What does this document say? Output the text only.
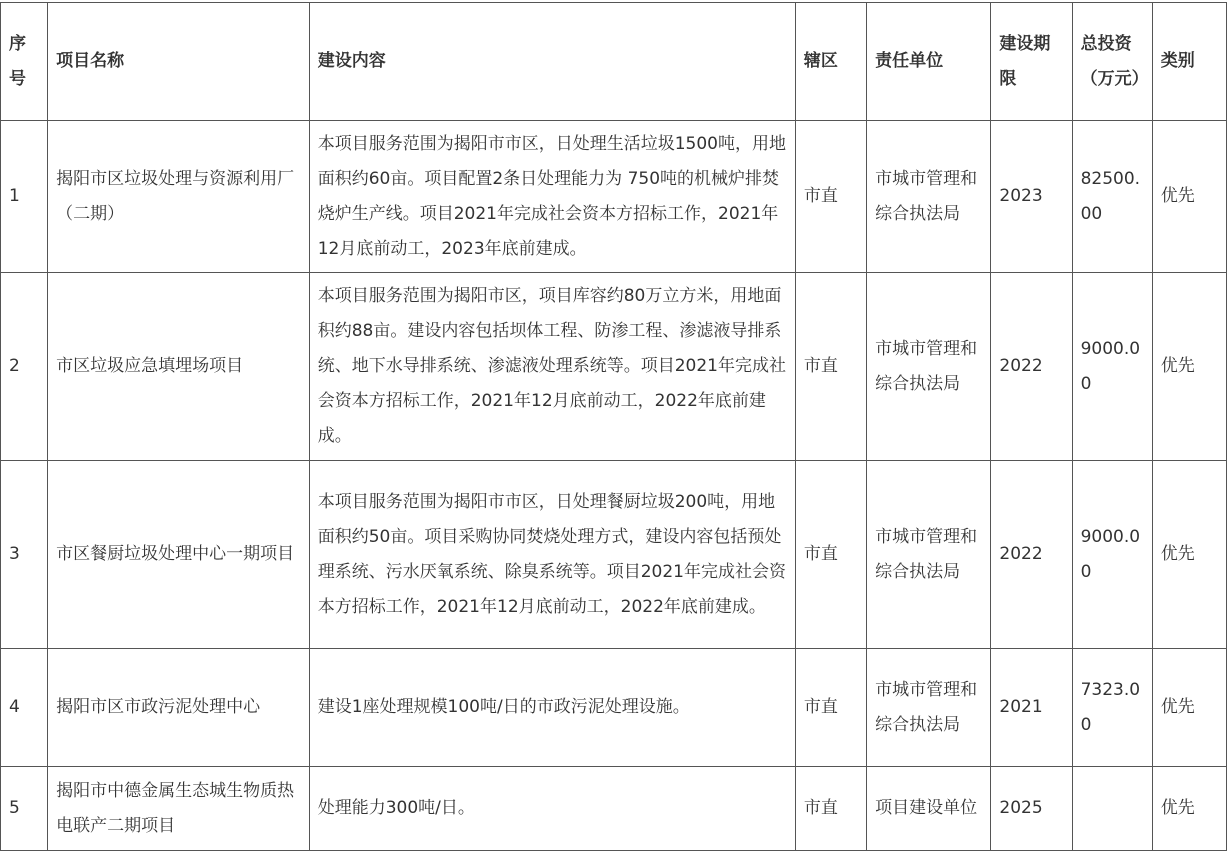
序号	项目名称	建设内容	辖区	责任单位	建设期限	总投资（万元）	类别
1	揭阳市区垃圾处理与资源利用厂（二期）	本项目服务范围为揭阳市市区，日处理生活垃圾1500吨，用地面积约60亩。项目配置2条日处理能力为 750吨的机械炉排焚烧炉生产线。项目2021年完成社会资本方招标工作，2021年12月底前动工，2023年底前建成。	市直	市城市管理和综合执法局	2023	82500.00	优先
2	市区垃圾应急填埋场项目	本项目服务范围为揭阳市区，项目库容约80万立方米，用地面积约88亩。建设内容包括坝体工程、防渗工程、渗滤液导排系统、地下水导排系统、渗滤液处理系统等。项目2021年完成社会资本方招标工作，2021年12月底前动工，2022年底前建成。	市直	市城市管理和综合执法局	2022	9000.00	优先
3	市区餐厨垃圾处理中心一期项目	本项目服务范围为揭阳市市区，日处理餐厨垃圾200吨，用地面积约50亩。项目采购协同焚烧处理方式，建设内容包括预处理系统、污水厌氧系统、除臭系统等。项目2021年完成社会资本方招标工作，2021年12月底前动工，2022年底前建成。	市直	市城市管理和综合执法局	2022	9000.00	优先
4	揭阳市区市政污泥处理中心	建设1座处理规模100吨/日的市政污泥处理设施。	市直	市城市管理和综合执法局	2021	7323.00	优先
5	揭阳市中德金属生态城生物质热电联产二期项目	处理能力300吨/日。	市直	项目建设单位	2025		优先
